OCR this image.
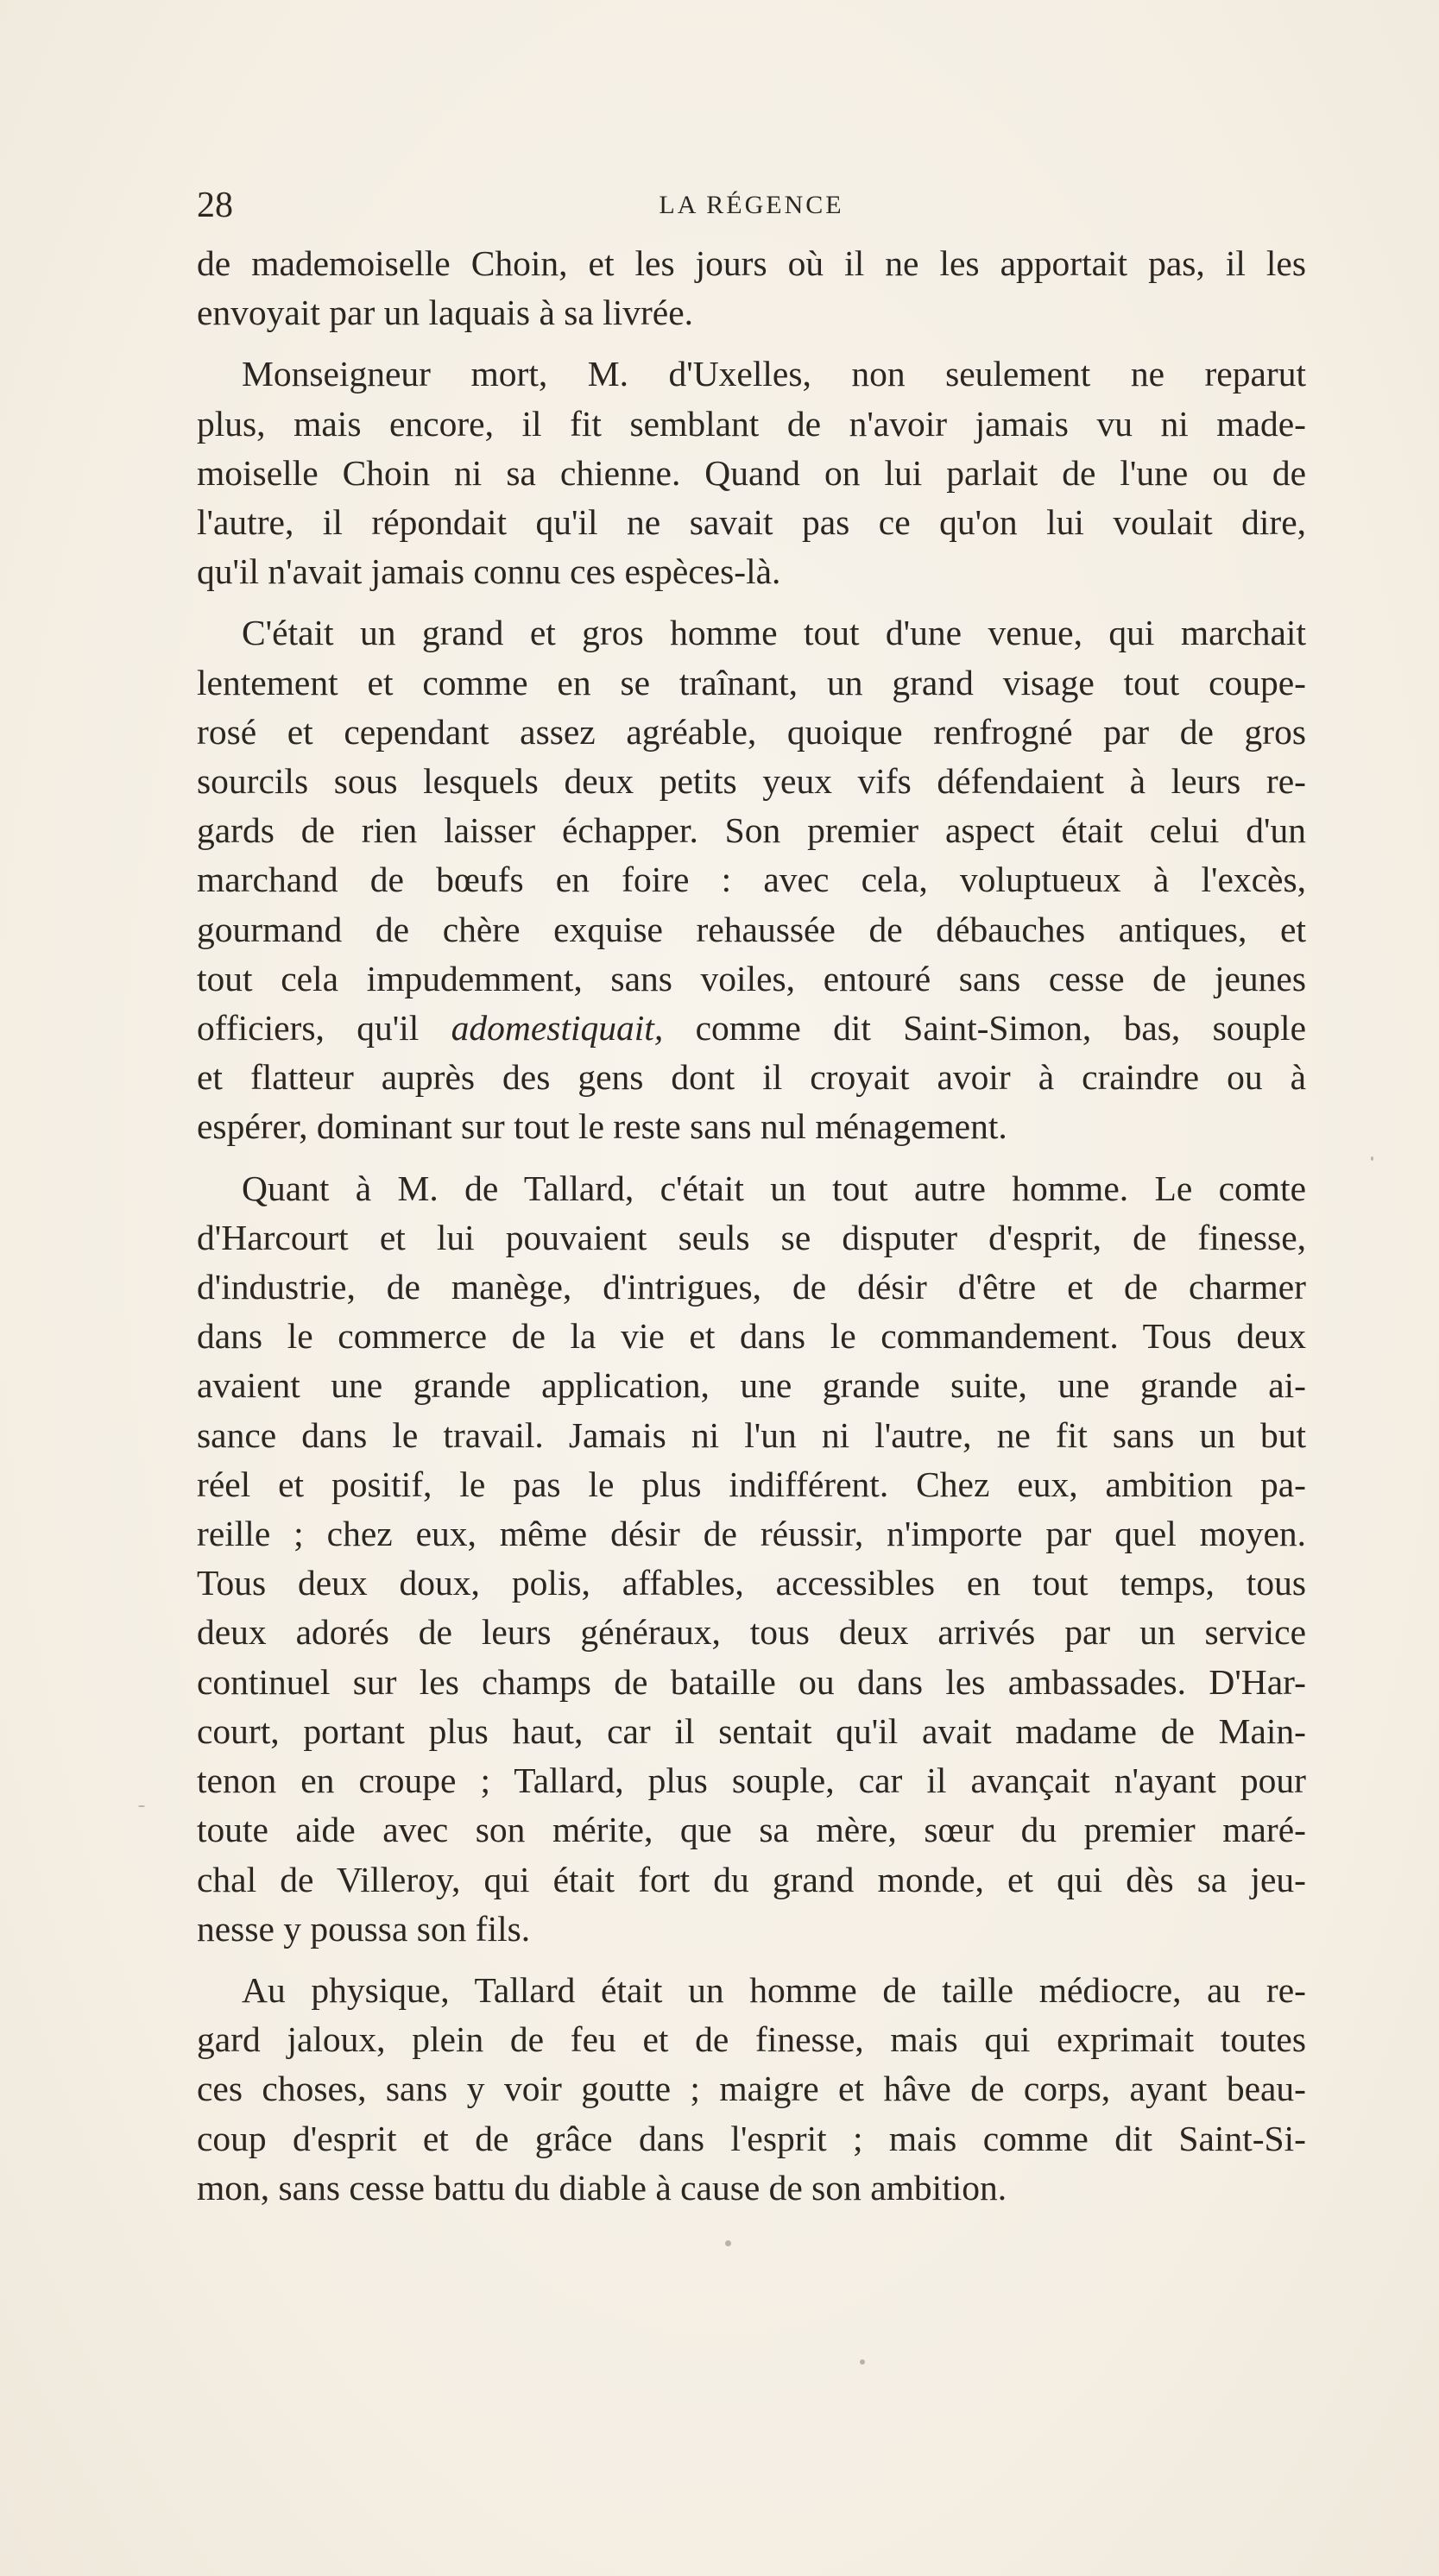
28	LA RÉGENCE

de mademoiselle Choin, et les jours où il ne les apportait pas, il les
envoyait par un laquais à sa livrée.

Monseigneur mort, M. d'Uxelles, non seulement ne reparut
plus, mais encore, il fit semblant de n'avoir jamais vu ni made-
moiselle Choin ni sa chienne. Quand on lui parlait de l'une ou de
l'autre, il répondait qu'il ne savait pas ce qu'on lui voulait dire,
qu'il n'avait jamais connu ces espèces-là.

C'était un grand et gros homme tout d'une venue, qui marchait
lentement et comme en se traînant, un grand visage tout coupe-
rosé et cependant assez agréable, quoique renfrogné par de gros
sourcils sous lesquels deux petits yeux vifs défendaient à leurs re-
gards de rien laisser échapper. Son premier aspect était celui d'un
marchand de bœufs en foire : avec cela, voluptueux à l'excès,
gourmand de chère exquise rehaussée de débauches antiques, et
tout cela impudemment, sans voiles, entouré sans cesse de jeunes
officiers, qu'il adomestiquait, comme dit Saint-Simon, bas, souple
et flatteur auprès des gens dont il croyait avoir à craindre ou à
espérer, dominant sur tout le reste sans nul ménagement.

Quant à M. de Tallard, c'était un tout autre homme. Le comte
d'Harcourt et lui pouvaient seuls se disputer d'esprit, de finesse,
d'industrie, de manège, d'intrigues, de désir d'être et de charmer
dans le commerce de la vie et dans le commandement. Tous deux
avaient une grande application, une grande suite, une grande ai-
sance dans le travail. Jamais ni l'un ni l'autre, ne fit sans un but
réel et positif, le pas le plus indifférent. Chez eux, ambition pa-
reille ; chez eux, même désir de réussir, n'importe par quel moyen.
Tous deux doux, polis, affables, accessibles en tout temps, tous
deux adorés de leurs généraux, tous deux arrivés par un service
continuel sur les champs de bataille ou dans les ambassades. D'Har-
court, portant plus haut, car il sentait qu'il avait madame de Main-
tenon en croupe ; Tallard, plus souple, car il avançait n'ayant pour
toute aide avec son mérite, que sa mère, sœur du premier maré-
chal de Villeroy, qui était fort du grand monde, et qui dès sa jeu-
nesse y poussa son fils.

Au physique, Tallard était un homme de taille médiocre, au re-
gard jaloux, plein de feu et de finesse, mais qui exprimait toutes
ces choses, sans y voir goutte ; maigre et hâve de corps, ayant beau-
coup d'esprit et de grâce dans l'esprit ; mais comme dit Saint-Si-
mon, sans cesse battu du diable à cause de son ambition.
